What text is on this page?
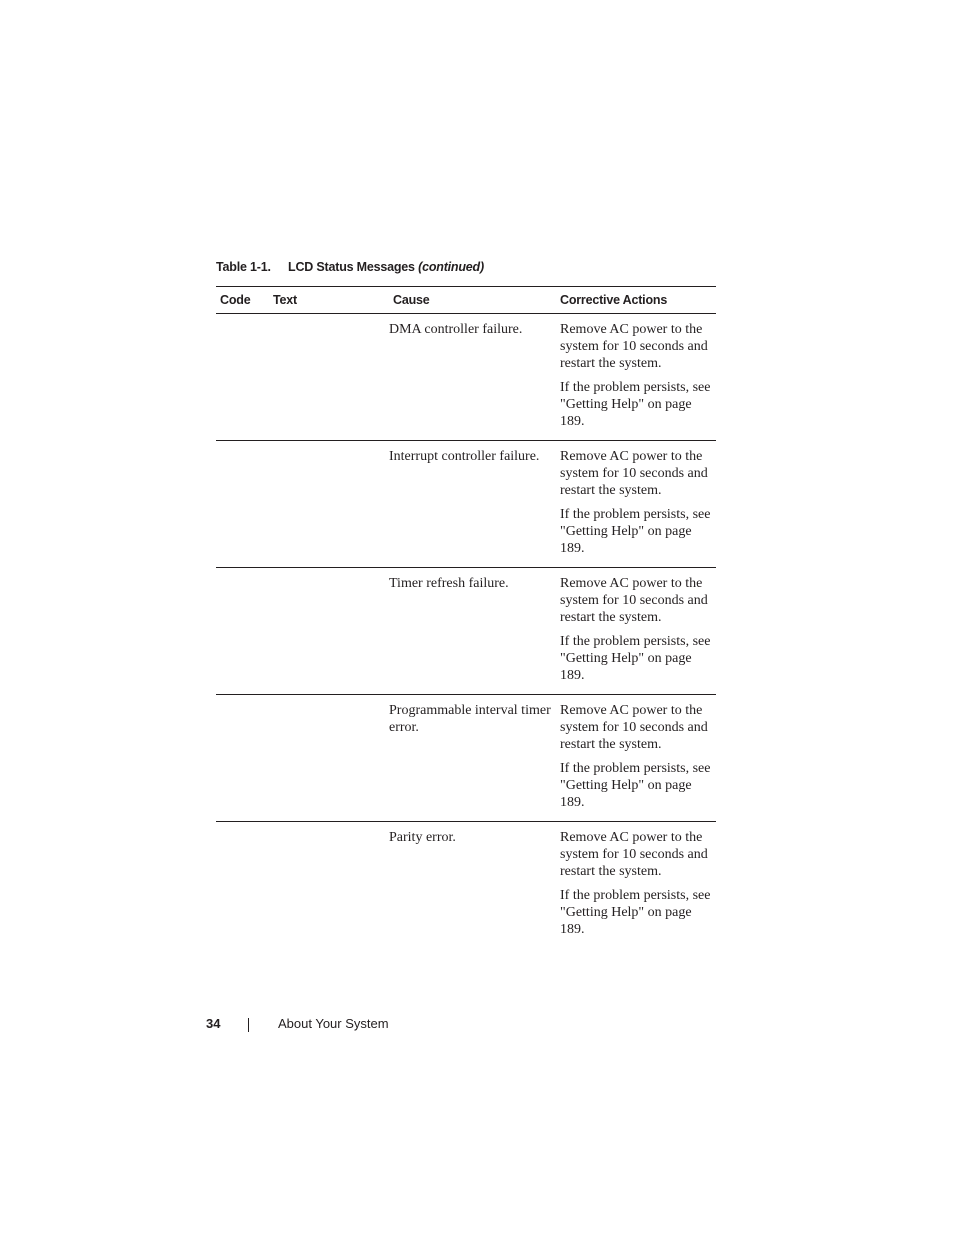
Table 1-1. LCD Status Messages (continued)
Code	Text	Cause	Corrective Actions
		DMA controller failure.	Remove AC power to the system for 10 seconds and restart the system.
If the problem persists, see "Getting Help" on page 189.

		Interrupt controller failure.	Remove AC power to the system for 10 seconds and restart the system.
If the problem persists, see "Getting Help" on page 189.

		Timer refresh failure.	Remove AC power to the system for 10 seconds and restart the system.
If the problem persists, see "Getting Help" on page 189.

		Programmable interval timer error.	Remove AC power to the system for 10 seconds and restart the system.
If the problem persists, see "Getting Help" on page 189.

		Parity error.	Remove AC power to the system for 10 seconds and restart the system.
If the problem persists, see "Getting Help" on page 189.
34	About Your System
